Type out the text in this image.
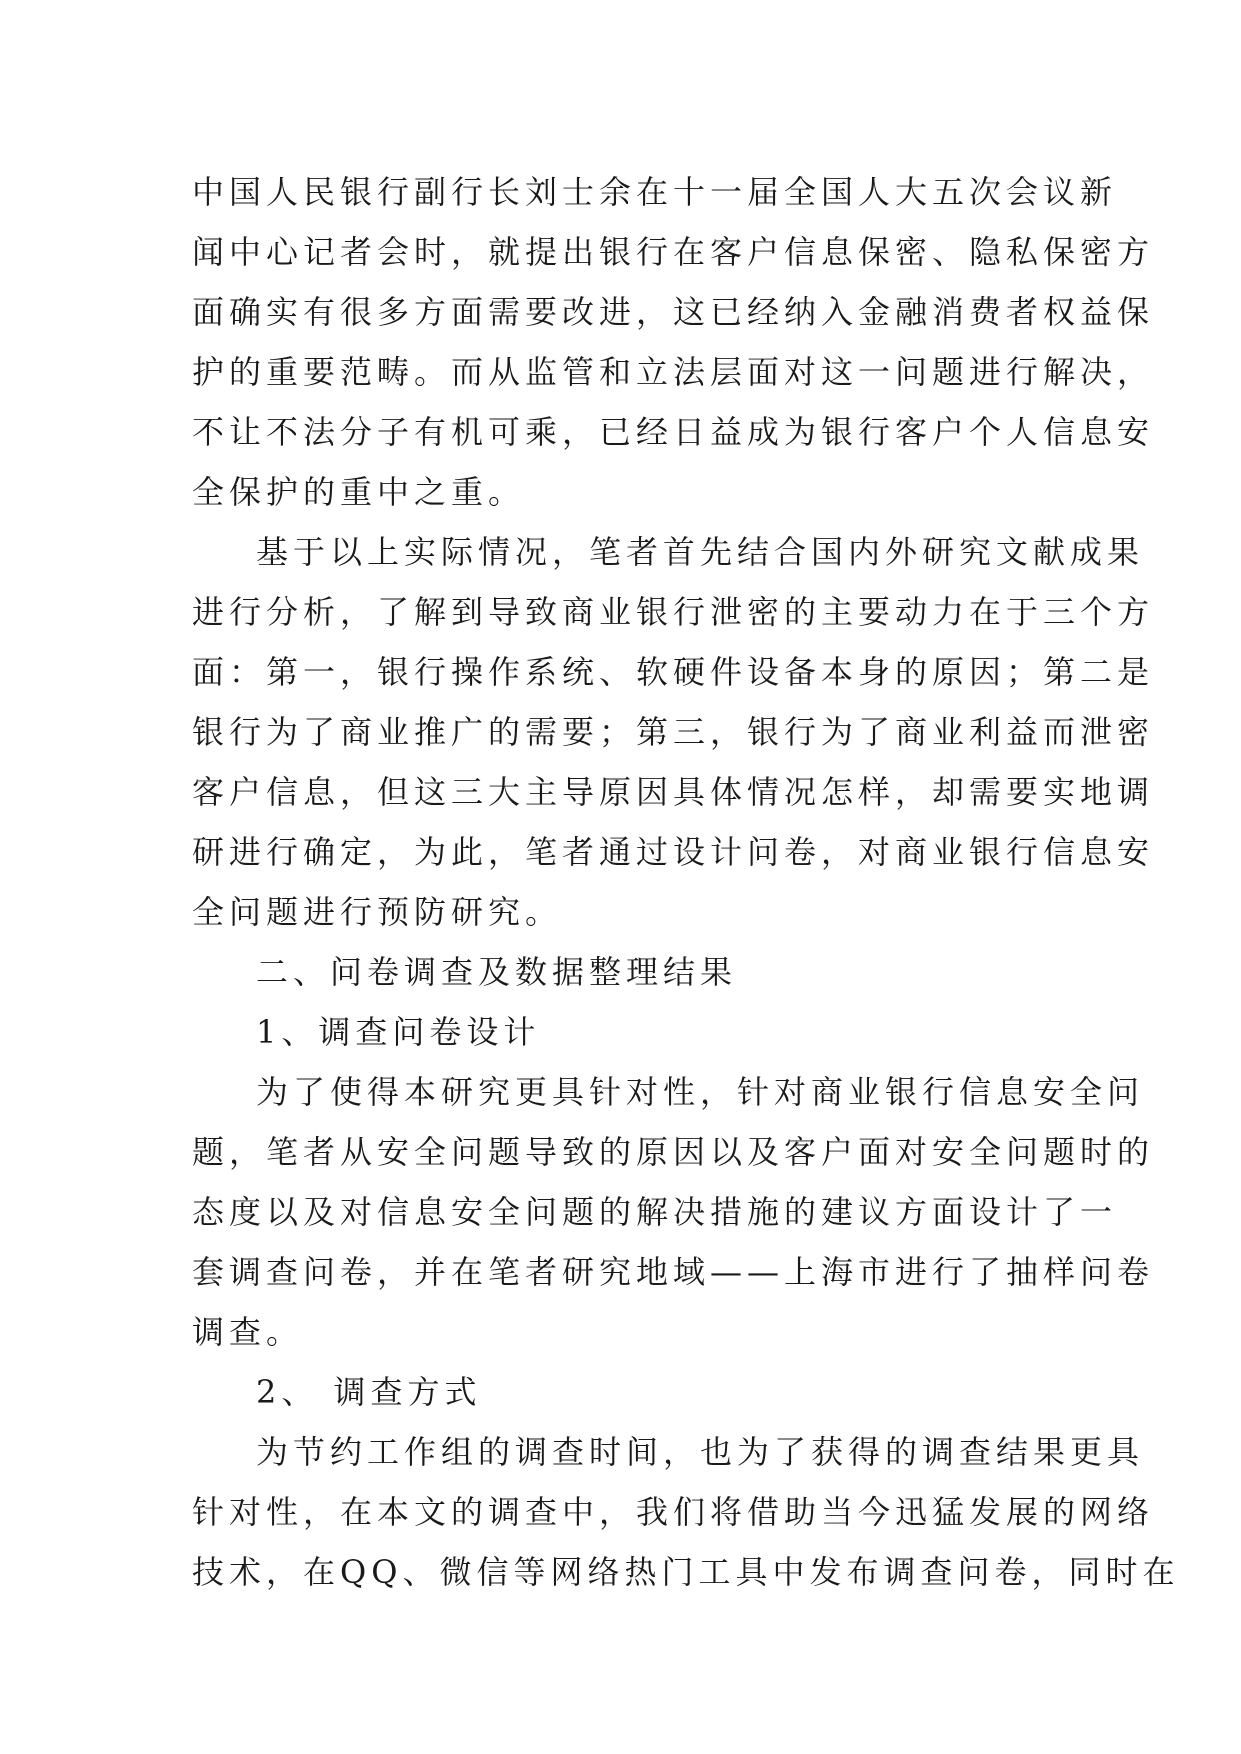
中国人民银行副行长刘士余在十一届全国人大五次会议新
闻中心记者会时，就提出银行在客户信息保密、隐私保密方
面确实有很多方面需要改进，这已经纳入金融消费者权益保
护的重要范畴。而从监管和立法层面对这一问题进行解决，
不让不法分子有机可乘，已经日益成为银行客户个人信息安
全保护的重中之重。
基于以上实际情况，笔者首先结合国内外研究文献成果
进行分析，了解到导致商业银行泄密的主要动力在于三个方
面：第一，银行操作系统、软硬件设备本身的原因；第二是
银行为了商业推广的需要；第三，银行为了商业利益而泄密
客户信息，但这三大主导原因具体情况怎样，却需要实地调
研进行确定，为此，笔者通过设计问卷，对商业银行信息安
全问题进行预防研究。
二、问卷调查及数据整理结果
1、调查问卷设计
为了使得本研究更具针对性，针对商业银行信息安全问
题，笔者从安全问题导致的原因以及客户面对安全问题时的
态度以及对信息安全问题的解决措施的建议方面设计了一
套调查问卷，并在笔者研究地域——上海市进行了抽样问卷
调查。
2、 调查方式
为节约工作组的调查时间，也为了获得的调查结果更具
针对性，在本文的调查中，我们将借助当今迅猛发展的网络
技术，在QQ、微信等网络热门工具中发布调查问卷，同时在
